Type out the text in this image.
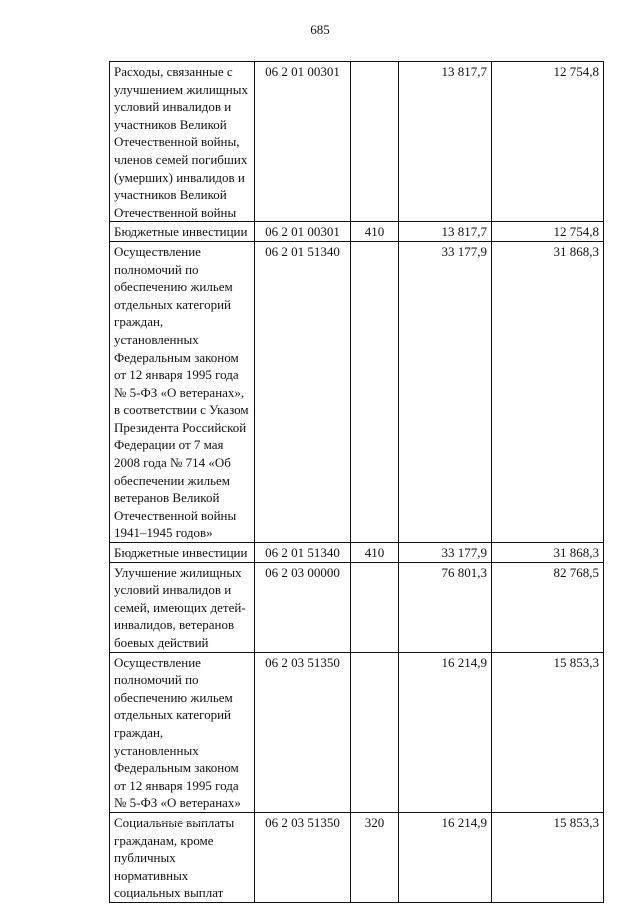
685
Расходы, связанные с улучшением жилищных условий инвалидов и участников Великой Отечественной войны, членов семей погибших (умерших) инвалидов и участников Великой Отечественной войны	06 2 01 00301		13 817,7	12 754,8
Бюджетные инвестиции	06 2 01 00301	410	13 817,7	12 754,8
Осуществление полномочий по обеспечению жильем отдельных категорий граждан, установленных Федеральным законом от 12 января 1995 года № 5-ФЗ «О ветеранах», в соответствии с Указом Президента Российской Федерации от 7 мая 2008 года № 714 «Об обеспечении жильем ветеранов Великой Отечественной войны 1941–1945 годов»	06 2 01 51340		33 177,9	31 868,3
Бюджетные инвестиции	06 2 01 51340	410	33 177,9	31 868,3
Улучшение жилищных условий инвалидов и семей, имеющих детей-инвалидов, ветеранов боевых действий	06 2 03 00000		76 801,3	82 768,5
Осуществление полномочий по обеспечению жильем отдельных категорий граждан, установленных Федеральным законом от 12 января 1995 года № 5-ФЗ «О ветеранах»	06 2 03 51350		16 214,9	15 853,3
Социальные выплаты гражданам, кроме публичных нормативных социальных выплат	06 2 03 51350	320	16 214,9	15 853,3
